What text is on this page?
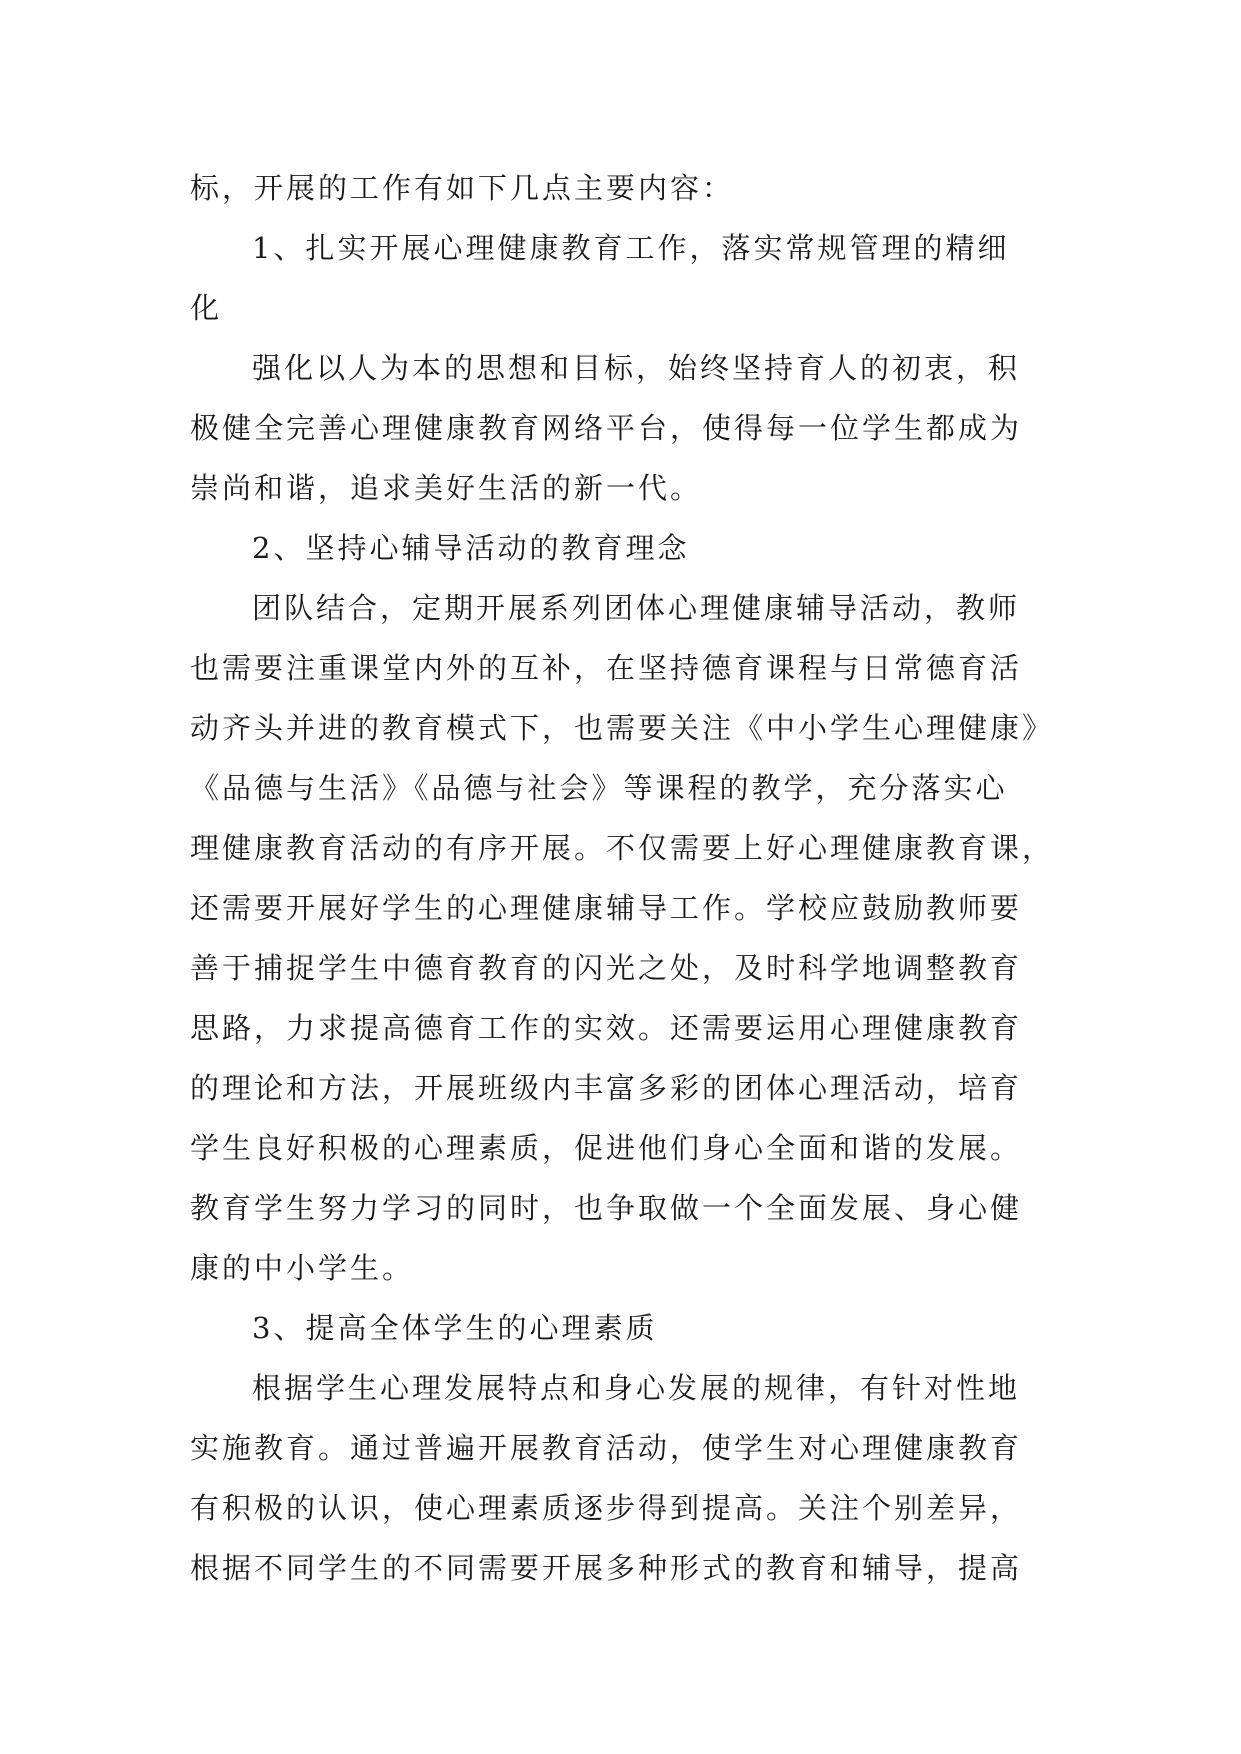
标，开展的工作有如下几点主要内容：
1、扎实开展心理健康教育工作，落实常规管理的精细
化
强化以人为本的思想和目标，始终坚持育人的初衷，积
极健全完善心理健康教育网络平台，使得每一位学生都成为
崇尚和谐，追求美好生活的新一代。
2、坚持心辅导活动的教育理念
团队结合，定期开展系列团体心理健康辅导活动，教师
也需要注重课堂内外的互补，在坚持德育课程与日常德育活
动齐头并进的教育模式下，也需要关注《中小学生心理健康》
《品德与生活》《品德与社会》等课程的教学，充分落实心
理健康教育活动的有序开展。不仅需要上好心理健康教育课，
还需要开展好学生的心理健康辅导工作。学校应鼓励教师要
善于捕捉学生中德育教育的闪光之处，及时科学地调整教育
思路，力求提高德育工作的实效。还需要运用心理健康教育
的理论和方法，开展班级内丰富多彩的团体心理活动，培育
学生良好积极的心理素质，促进他们身心全面和谐的发展。
教育学生努力学习的同时，也争取做一个全面发展、身心健
康的中小学生。
3、提高全体学生的心理素质
根据学生心理发展特点和身心发展的规律，有针对性地
实施教育。通过普遍开展教育活动，使学生对心理健康教育
有积极的认识，使心理素质逐步得到提高。关注个别差异，
根据不同学生的不同需要开展多种形式的教育和辅导，提高
